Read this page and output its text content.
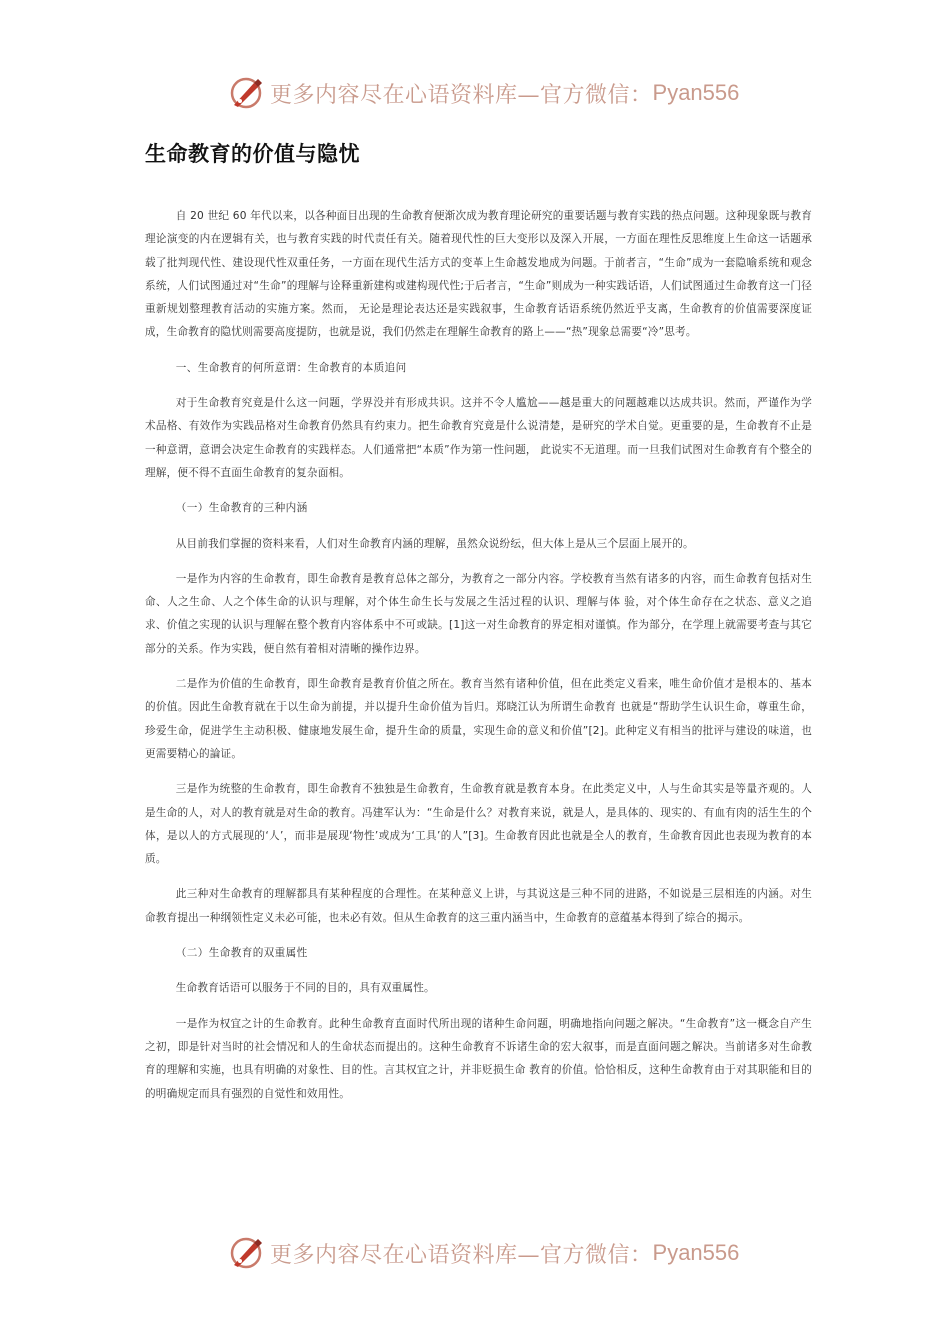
更多内容尽在心语资料库—官方微信： Pyan556
生命教育的价值与隐忧

自 20 世纪 60 年代以来，以各种面目出现的生命教育便渐次成为教育理论研究的重要话题与教育实践的热点问题。这种现象既与教育理论演变的内在逻辑有关，也与教育实践的时代责任有关。随着现代性的巨大变形以及深入开展，一方面在理性反思维度上生命这一话题承载了批判现代性、建设现代性双重任务，一方面在现代生活方式的变革上生命越发地成为问题。于前者言，“生命”成为一套隐喻系统和观念系统，人们试图通过对“生命”的理解与诠释重新建构或建构现代性;于后者言，“生命”则成为一种实践话语，人们试图通过生命教育这一门径重新规划整理教育活动的实施方案。然而， 无论是理论表达还是实践叙事，生命教育话语系统仍然近乎支离，生命教育的价值需要深度证成，生命教育的隐忧则需要高度提防，也就是说，我们仍然走在理解生命教育的路上——“热”现象总需要“冷”思考。

一、生命教育的何所意谓：生命教育的本质追问

对于生命教育究竟是什么这一问题，学界没并有形成共识。这并不令人尴尬——越是重大的问题越难以达成共识。然而，严谨作为学术品格、有效作为实践品格对生命教育仍然具有约束力。把生命教育究竟是什么说清楚，是研究的学术自觉。更重要的是，生命教育不止是一种意谓，意谓会决定生命教育的实践样态。人们通常把“本质”作为第一性问题， 此说实不无道理。而一旦我们试图对生命教育有个整全的理解，便不得不直面生命教育的复杂面相。

（一）生命教育的三种内涵

从目前我们掌握的资料来看，人们对生命教育内涵的理解，虽然众说纷纭，但大体上是从三个层面上展开的。

一是作为内容的生命教育，即生命教育是教育总体之部分，为教育之一部分内容。学校教育当然有诸多的内容，而生命教育包括对生命、人之生命、人之个体生命的认识与理解，对个体生命生长与发展之生活过程的认识、理解与体 验，对个体生命存在之状态、意义之追求、价值之实现的认识与理解在整个教育内容体系中不可或缺。[1]这一对生命教育的界定相对谨慎。作为部分，在学理上就需要考查与其它部分的关系。作为实践，便自然有着相对清晰的操作边界。

二是作为价值的生命教育，即生命教育是教育价值之所在。教育当然有诸种价值，但在此类定义看来，唯生命价值才是根本的、基本的价值。因此生命教育就在于以生命为前提，并以提升生命价值为旨归。郑晓江认为所谓生命教育 也就是“帮助学生认识生命，尊重生命，珍爱生命，促进学生主动积极、健康地发展生命，提升生命的质量，实现生命的意义和价值”[2]。此种定义有相当的批评与建设的味道，也更需要精心的論证。

三是作为统整的生命教育，即生命教育不独独是生命教育，生命教育就是教育本身。在此类定义中，人与生命其实是等量齐观的。人是生命的人，对人的教育就是对生命的教育。冯建军认为：“生命是什么？对教育来说，就是人，是具体的、现实的、有血有肉的活生生的个体，是以人的方式展现的‘人’，而非是展现‘物性’或成为‘工具’的人”[3]。生命教育因此也就是全人的教育，生命教育因此也表现为教育的本质。

此三种对生命教育的理解都具有某种程度的合理性。在某种意义上讲，与其说这是三种不同的进路，不如说是三层相连的内涵。对生命教育提出一种纲领性定义未必可能，也未必有效。但从生命教育的这三重内涵当中，生命教育的意蕴基本得到了综合的揭示。

（二）生命教育的双重属性

生命教育话语可以服务于不同的目的，具有双重属性。

一是作为权宜之计的生命教育。此种生命教育直面时代所出现的诸种生命问题，明确地指向问题之解决。“生命教育”这一概念自产生之初，即是针对当时的社会情况和人的生命状态而提出的。这种生命教育不诉诸生命的宏大叙事，而是直面问题之解决。当前诸多对生命教育的理解和实施，也具有明确的对象性、目的性。言其权宜之计，并非贬损生命 教育的价值。恰恰相反，这种生命教育由于对其职能和目的的明确规定而具有强烈的自觉性和效用性。

更多内容尽在心语资料库—官方微信： Pyan556
